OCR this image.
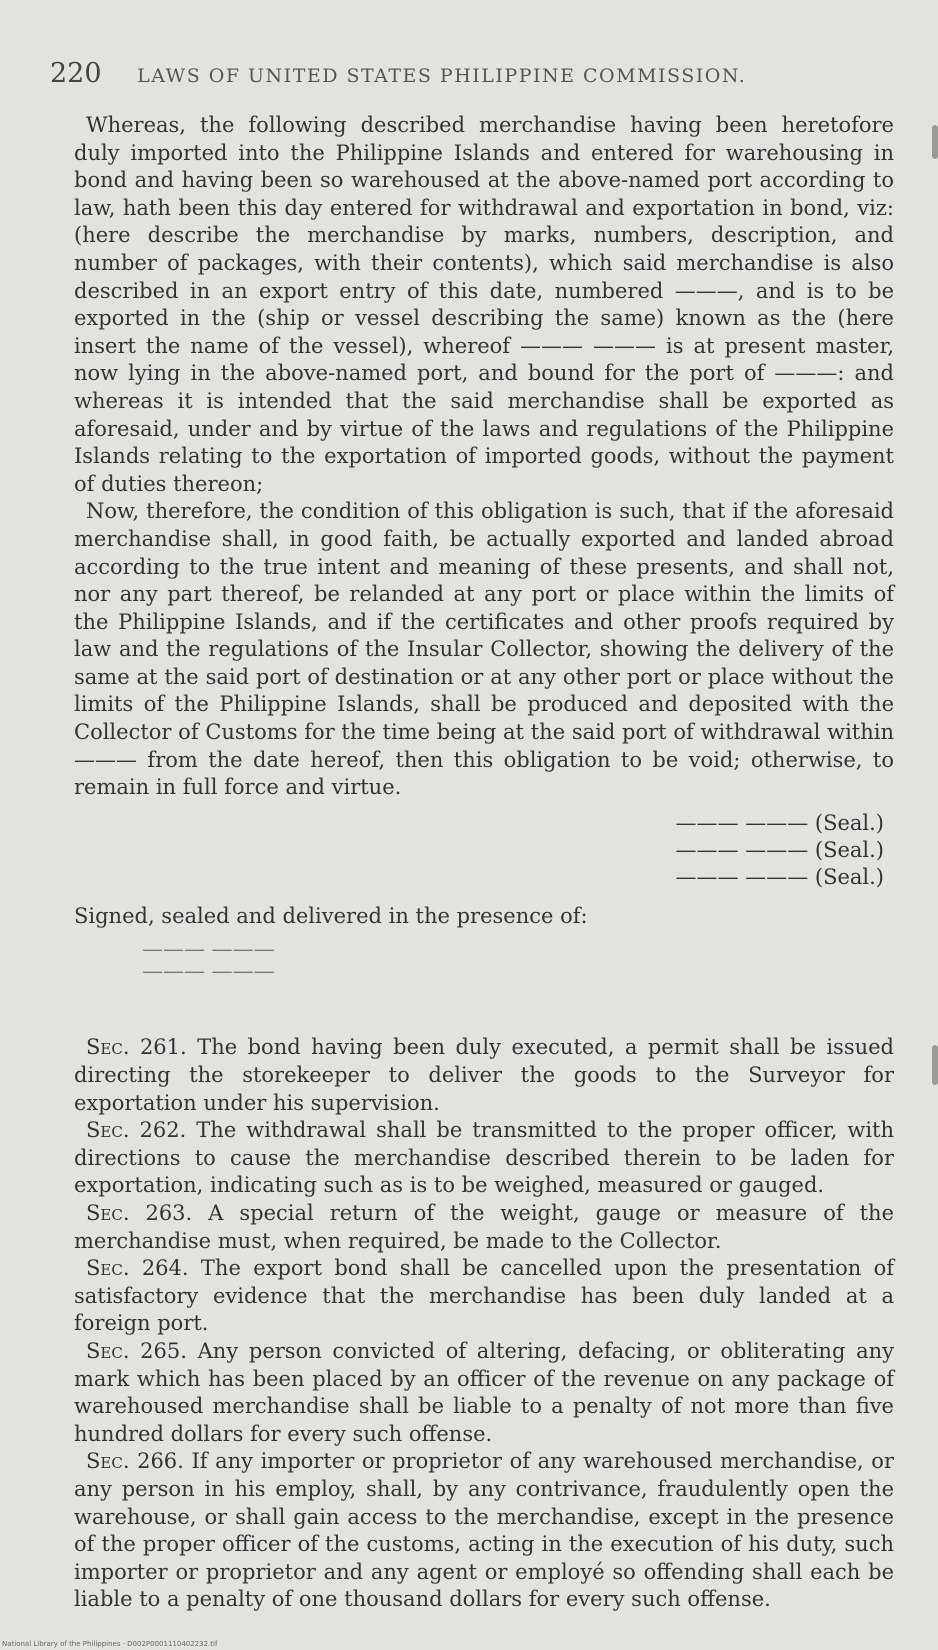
220 LAWS OF UNITED STATES PHILIPPINE COMMISSION.

Whereas, the following described merchandise having been heretofore duly imported into the Philippine Islands and entered for warehousing in bond and having been so warehoused at the above-named port according to law, hath been this day entered for withdrawal and exportation in bond, viz: (here describe the merchandise by marks, numbers, description, and number of packages, with their contents), which said merchandise is also described in an export entry of this date, numbered ———, and is to be exported in the (ship or vessel describing the same) known as the (here insert the name of the vessel), whereof ——— ——— is at present master, now lying in the above-named port, and bound for the port of ———: and whereas it is intended that the said merchandise shall be exported as aforesaid, under and by virtue of the laws and regulations of the Philippine Islands relating to the exportation of imported goods, without the payment of duties thereon;

Now, therefore, the condition of this obligation is such, that if the aforesaid merchandise shall, in good faith, be actually exported and landed abroad according to the true intent and meaning of these presents, and shall not, nor any part thereof, be relanded at any port or place within the limits of the Philippine Islands, and if the certificates and other proofs required by law and the regulations of the Insular Collector, showing the delivery of the same at the said port of destination or at any other port or place without the limits of the Philippine Islands, shall be produced and deposited with the Collector of Customs for the time being at the said port of withdrawal within ——— from the date hereof, then this obligation to be void; otherwise, to remain in full force and virtue.

——— ——— (Seal.)
——— ——— (Seal.)
——— ——— (Seal.)
Signed, sealed and delivered in the presence of:
——— ———
——— ———

Sec. 261. The bond having been duly executed, a permit shall be issued directing the storekeeper to deliver the goods to the Surveyor for exportation under his supervision.

Sec. 262. The withdrawal shall be transmitted to the proper officer, with directions to cause the merchandise described therein to be laden for exportation, indicating such as is to be weighed, measured or gauged.

Sec. 263. A special return of the weight, gauge or measure of the merchandise must, when required, be made to the Collector.

Sec. 264. The export bond shall be cancelled upon the presentation of satisfactory evidence that the merchandise has been duly landed at a foreign port.

Sec. 265. Any person convicted of altering, defacing, or obliterating any mark which has been placed by an officer of the revenue on any package of warehoused merchandise shall be liable to a penalty of not more than five hundred dollars for every such offense.

Sec. 266. If any importer or proprietor of any warehoused merchandise, or any person in his employ, shall, by any contrivance, fraudulently open the warehouse, or shall gain access to the merchandise, except in the presence of the proper officer of the customs, acting in the execution of his duty, such importer or proprietor and any agent or employé so offending shall each be liable to a penalty of one thousand dollars for every such offense.

National Library of the Philippines · D002P0001110402232.tif
